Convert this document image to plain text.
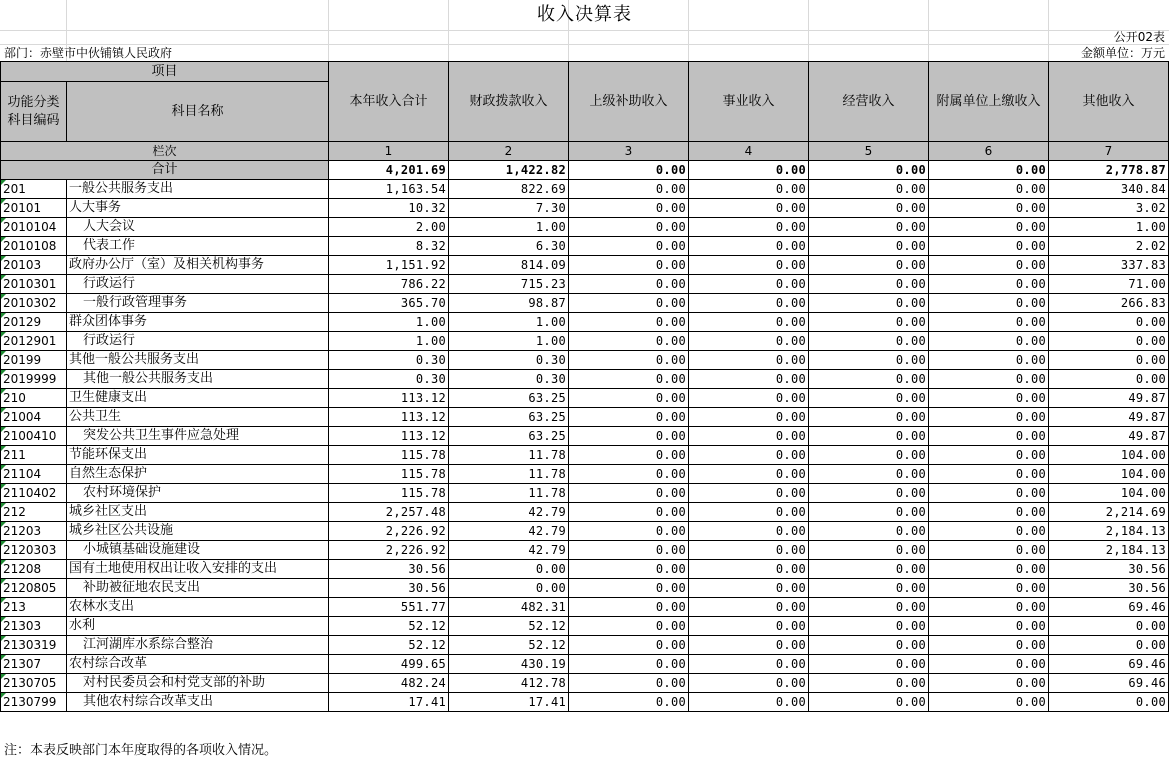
收入决算表
公开02表
部门：赤壁市中伙铺镇人民政府	金额单位：万元
项目		本年收入合计	财政拨款收入	上级补助收入	事业收入	经营收入	附属单位上缴收入	其他收入
功能分类科目编码	科目名称							
栏次		1	2	3	4	5	6	7
合计		4,201.69	1,422.82	0.00	0.00	0.00	0.00	2,778.87
201	一般公共服务支出	1,163.54	822.69	0.00	0.00	0.00	0.00	340.84
20101	人大事务	10.32	7.30	0.00	0.00	0.00	0.00	3.02
2010104	人大会议	2.00	1.00	0.00	0.00	0.00	0.00	1.00
2010108	代表工作	8.32	6.30	0.00	0.00	0.00	0.00	2.02
20103	政府办公厅（室）及相关机构事务	1,151.92	814.09	0.00	0.00	0.00	0.00	337.83
2010301	行政运行	786.22	715.23	0.00	0.00	0.00	0.00	71.00
2010302	一般行政管理事务	365.70	98.87	0.00	0.00	0.00	0.00	266.83
20129	群众团体事务	1.00	1.00	0.00	0.00	0.00	0.00	0.00
2012901	行政运行	1.00	1.00	0.00	0.00	0.00	0.00	0.00
20199	其他一般公共服务支出	0.30	0.30	0.00	0.00	0.00	0.00	0.00
2019999	其他一般公共服务支出	0.30	0.30	0.00	0.00	0.00	0.00	0.00
210	卫生健康支出	113.12	63.25	0.00	0.00	0.00	0.00	49.87
21004	公共卫生	113.12	63.25	0.00	0.00	0.00	0.00	49.87
2100410	突发公共卫生事件应急处理	113.12	63.25	0.00	0.00	0.00	0.00	49.87
211	节能环保支出	115.78	11.78	0.00	0.00	0.00	0.00	104.00
21104	自然生态保护	115.78	11.78	0.00	0.00	0.00	0.00	104.00
2110402	农村环境保护	115.78	11.78	0.00	0.00	0.00	0.00	104.00
212	城乡社区支出	2,257.48	42.79	0.00	0.00	0.00	0.00	2,214.69
21203	城乡社区公共设施	2,226.92	42.79	0.00	0.00	0.00	0.00	2,184.13
2120303	小城镇基础设施建设	2,226.92	42.79	0.00	0.00	0.00	0.00	2,184.13
21208	国有土地使用权出让收入安排的支出	30.56	0.00	0.00	0.00	0.00	0.00	30.56
2120805	补助被征地农民支出	30.56	0.00	0.00	0.00	0.00	0.00	30.56
213	农林水支出	551.77	482.31	0.00	0.00	0.00	0.00	69.46
21303	水利	52.12	52.12	0.00	0.00	0.00	0.00	0.00
2130319	江河湖库水系综合整治	52.12	52.12	0.00	0.00	0.00	0.00	0.00
21307	农村综合改革	499.65	430.19	0.00	0.00	0.00	0.00	69.46
2130705	对村民委员会和村党支部的补助	482.24	412.78	0.00	0.00	0.00	0.00	69.46
2130799	其他农村综合改革支出	17.41	17.41	0.00	0.00	0.00	0.00	0.00
注：本表反映部门本年度取得的各项收入情况。
